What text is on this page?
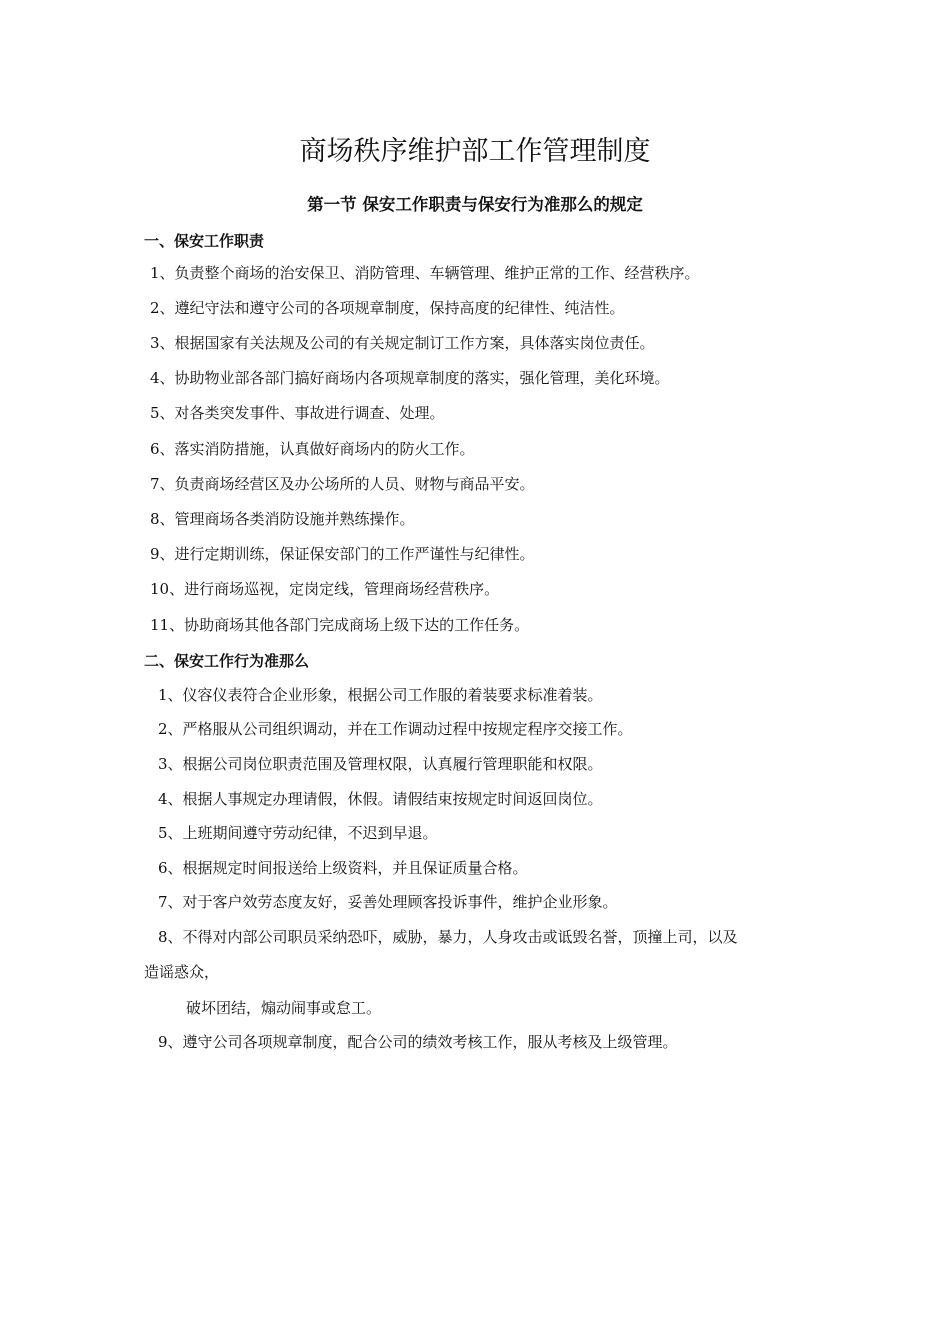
商场秩序维护部工作管理制度
第一节 保安工作职责与保安行为准那么的规定
一、保安工作职责
1、负责整个商场的治安保卫、消防管理、车辆管理、维护正常的工作、经营秩序。
2、遵纪守法和遵守公司的各项规章制度，保持高度的纪律性、纯洁性。
3、根据国家有关法规及公司的有关规定制订工作方案，具体落实岗位责任。
4、协助物业部各部门搞好商场内各项规章制度的落实，强化管理，美化环境。
5、对各类突发事件、事故进行调查、处理。
6、落实消防措施，认真做好商场内的防火工作。
7、负责商场经营区及办公场所的人员、财物与商品平安。
8、管理商场各类消防设施并熟练操作。
9、进行定期训练，保证保安部门的工作严谨性与纪律性。
10、进行商场巡视，定岗定线，管理商场经营秩序。
11、协助商场其他各部门完成商场上级下达的工作任务。
二、保安工作行为准那么
1、仪容仪表符合企业形象，根据公司工作服的着装要求标准着装。
2、严格服从公司组织调动，并在工作调动过程中按规定程序交接工作。
3、根据公司岗位职责范围及管理权限，认真履行管理职能和权限。
4、根据人事规定办理请假，休假。请假结束按规定时间返回岗位。
5、上班期间遵守劳动纪律，不迟到早退。
6、根据规定时间报送给上级资料，并且保证质量合格。
7、对于客户效劳态度友好，妥善处理顾客投诉事件，维护企业形象。
8、不得对内部公司职员采纳恐吓，威胁，暴力，人身攻击或诋毁名誉，顶撞上司，以及
造谣惑众，
破坏团结，煽动闹事或怠工。
9、遵守公司各项规章制度，配合公司的绩效考核工作，服从考核及上级管理。
